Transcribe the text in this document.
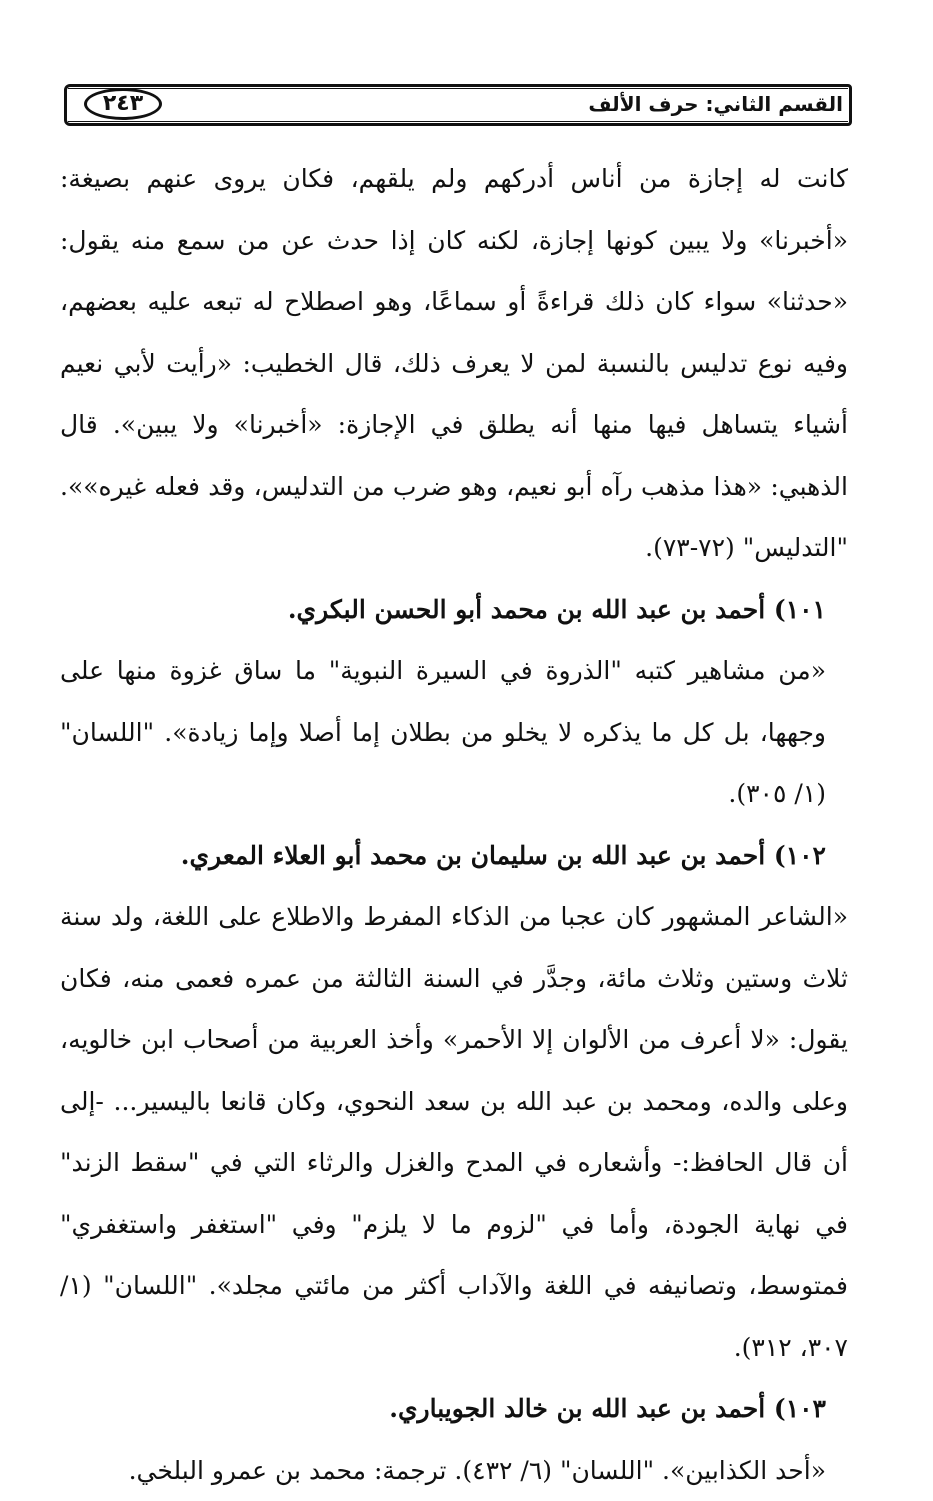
القسم الثاني: حرف الألف
٢٤٣

كانت له إجازة من أناس أدركهم ولم يلقهم، فكان يروى عنهم بصيغة: «أخبرنا» ولا يبين كونها إجازة، لكنه كان إذا حدث عن من سمع منه يقول: «حدثنا» سواء كان ذلك قراءةً أو سماعًا، وهو اصطلاح له تبعه عليه بعضهم، وفيه نوع تدليس بالنسبة لمن لا يعرف ذلك، قال الخطيب: «رأيت لأبي نعيم أشياء يتساهل فيها منها أنه يطلق في الإجازة: «أخبرنا» ولا يبين». قال الذهبي: «هذا مذهب رآه أبو نعيم، وهو ضرب من التدليس، وقد فعله غيره»». "التدليس" (٧٢-٧٣).

١٠١) أحمد بن عبد الله بن محمد أبو الحسن البكري.

«من مشاهير كتبه "الذروة في السيرة النبوية" ما ساق غزوة منها على وجهها، بل كل ما يذكره لا يخلو من بطلان إما أصلا وإما زيادة». "اللسان" (١/ ٣٠٥).

١٠٢) أحمد بن عبد الله بن سليمان بن محمد أبو العلاء المعري.

«الشاعر المشهور كان عجبا من الذكاء المفرط والاطلاع على اللغة، ولد سنة ثلاث وستين وثلاث مائة، وجدَّر في السنة الثالثة من عمره فعمى منه، فكان يقول: «لا أعرف من الألوان إلا الأحمر» وأخذ العربية من أصحاب ابن خالويه، وعلى والده، ومحمد بن عبد الله بن سعد النحوي، وكان قانعا باليسير... -إلى أن قال الحافظ:- وأشعاره في المدح والغزل والرثاء التي في "سقط الزند" في نهاية الجودة، وأما في "لزوم ما لا يلزم" وفي "استغفر واستغفري" فمتوسط، وتصانيفه في اللغة والآداب أكثر من مائتي مجلد». "اللسان" (١/ ٣٠٧، ٣١٢).

١٠٣) أحمد بن عبد الله بن خالد الجويباري.

«أحد الكذابين». "اللسان" (٦/ ٤٣٢). ترجمة: محمد بن عمرو البلخي.
